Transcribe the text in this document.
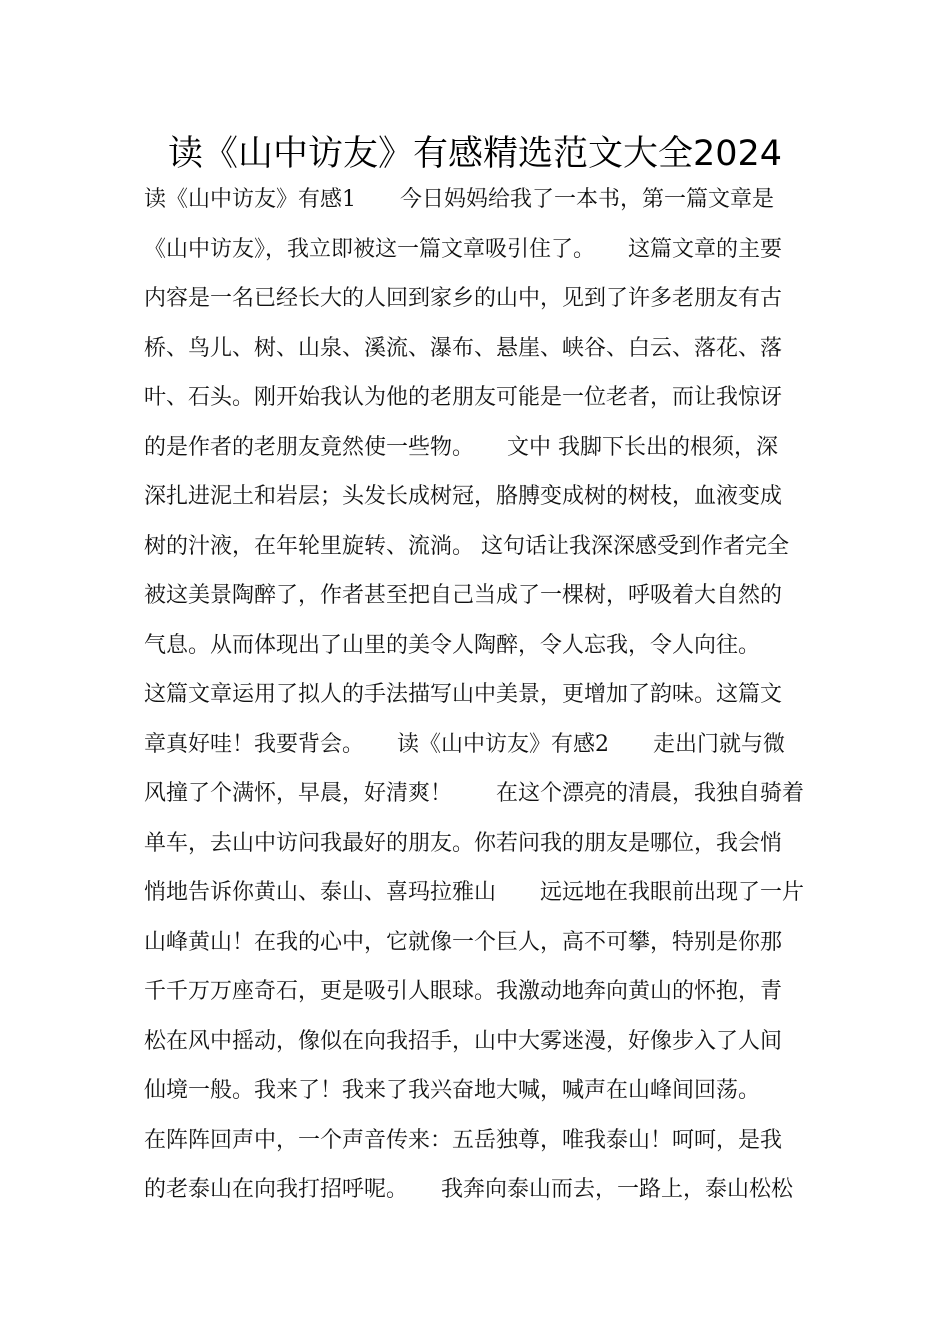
读《山中访友》有感精选范文大全2024
读《山中访友》有感1　　今日妈妈给我了一本书，第一篇文章是
《山中访友》，我立即被这一篇文章吸引住了。　　这篇文章的主要
内容是一名已经长大的人回到家乡的山中，见到了许多老朋友有古
桥、鸟儿、树、山泉、溪流、瀑布、悬崖、峡谷、白云、落花、落
叶、石头。刚开始我认为他的老朋友可能是一位老者，而让我惊讶
的是作者的老朋友竟然使一些物。　　文中 我脚下长出的根须，深
深扎进泥土和岩层；头发长成树冠，胳膊变成树的树枝，血液变成
树的汁液，在年轮里旋转、流淌。 这句话让我深深感受到作者完全
被这美景陶醉了，作者甚至把自己当成了一棵树，呼吸着大自然的
气息。从而体现出了山里的美令人陶醉，令人忘我，令人向往。
这篇文章运用了拟人的手法描写山中美景，更增加了韵味。这篇文
章真好哇！我要背会。　　读《山中访友》有感2　　走出门就与微
风撞了个满怀，早晨，好清爽！　　在这个漂亮的清晨，我独自骑着
单车，去山中访问我最好的朋友。你若问我的朋友是哪位，我会悄
悄地告诉你黄山、泰山、喜玛拉雅山　　远远地在我眼前出现了一片
山峰黄山！在我的心中，它就像一个巨人，高不可攀，特别是你那
千千万万座奇石，更是吸引人眼球。我激动地奔向黄山的怀抱，青
松在风中摇动，像似在向我招手，山中大雾迷漫，好像步入了人间
仙境一般。我来了！我来了我兴奋地大喊，喊声在山峰间回荡。
在阵阵回声中，一个声音传来：五岳独尊，唯我泰山！呵呵，是我
的老泰山在向我打招呼呢。　　我奔向泰山而去，一路上，泰山松松
